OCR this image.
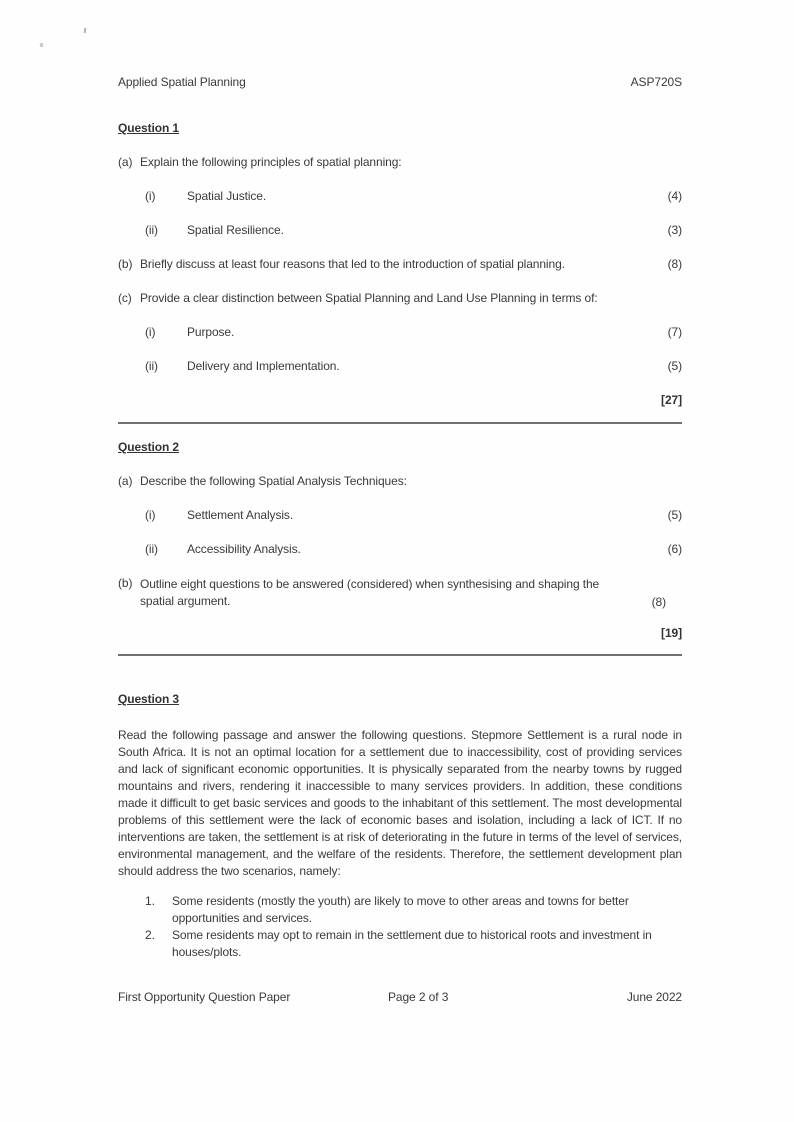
Applied Spatial Planning	ASP720S
Question 1
(a) Explain the following principles of spatial planning:
(i)	Spatial Justice.	(4)
(ii)	Spatial Resilience.	(3)
(b) Briefly discuss at least four reasons that led to the introduction of spatial planning.	(8)
(c) Provide a clear distinction between Spatial Planning and Land Use Planning in terms of:
(i)	Purpose.	(7)
(ii)	Delivery and Implementation.	(5)
[27]
Question 2
(a) Describe the following Spatial Analysis Techniques:
(i)	Settlement Analysis.	(5)
(ii)	Accessibility Analysis.	(6)
(b) Outline eight questions to be answered (considered) when synthesising and shaping the spatial argument.	(8)
[19]
Question 3
Read the following passage and answer the following questions. Stepmore Settlement is a rural node in South Africa. It is not an optimal location for a settlement due to inaccessibility, cost of providing services and lack of significant economic opportunities. It is physically separated from the nearby towns by rugged mountains and rivers, rendering it inaccessible to many services providers. In addition, these conditions made it difficult to get basic services and goods to the inhabitant of this settlement. The most developmental problems of this settlement were the lack of economic bases and isolation, including a lack of ICT. If no interventions are taken, the settlement is at risk of deteriorating in the future in terms of the level of services, environmental management, and the welfare of the residents. Therefore, the settlement development plan should address the two scenarios, namely:
1.	Some residents (mostly the youth) are likely to move to other areas and towns for better opportunities and services.
2.	Some residents may opt to remain in the settlement due to historical roots and investment in houses/plots.
First Opportunity Question Paper	Page 2 of 3	June 2022
